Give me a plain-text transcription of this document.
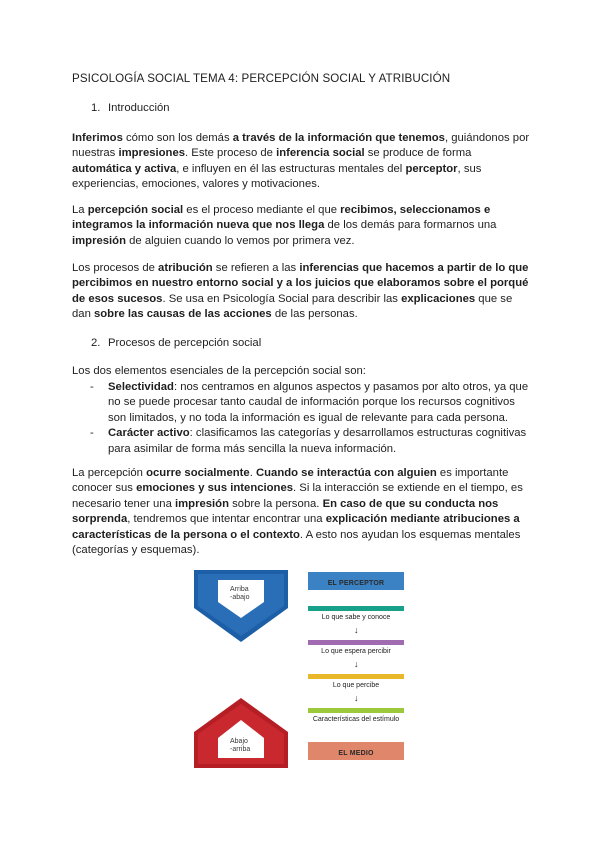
PSICOLOGÍA SOCIAL TEMA 4: PERCEPCIÓN SOCIAL Y ATRIBUCIÓN
1. Introducción
Inferimos cómo son los demás a través de la información que tenemos, guiándonos por nuestras impresiones. Este proceso de inferencia social se produce de forma automática y activa, e influyen en él las estructuras mentales del perceptor, sus experiencias, emociones, valores y motivaciones.
La percepción social es el proceso mediante el que recibimos, seleccionamos e integramos la información nueva que nos llega de los demás para formarnos una impresión de alguien cuando lo vemos por primera vez.
Los procesos de atribución se refieren a las inferencias que hacemos a partir de lo que percibimos en nuestro entorno social y a los juicios que elaboramos sobre el porqué de esos sucesos. Se usa en Psicología Social para describir las explicaciones que se dan sobre las causas de las acciones de las personas.
2. Procesos de percepción social
Los dos elementos esenciales de la percepción social son:
-	Selectividad: nos centramos en algunos aspectos y pasamos por alto otros, ya que no se puede procesar tanto caudal de información porque los recursos cognitivos son limitados, y no toda la información es igual de relevante para cada persona.
-	Carácter activo: clasificamos las categorías y desarrollamos estructuras cognitivas para asimilar de forma más sencilla la nueva información.
La percepción ocurre socialmente. Cuando se interactúa con alguien es importante conocer sus emociones y sus intenciones. Si la interacción se extiende en el tiempo, es necesario tener una impresión sobre la persona. En caso de que su conducta nos sorprenda, tendremos que intentar encontrar una explicación mediante atribuciones a características de la persona o el contexto. A esto nos ayudan los esquemas mentales (categorías y esquemas).
Arriba
-abajo
Abajo
-arriba
EL PERCEPTOR
Lo que sabe y conoce
↓
Lo que espera percibir
↓
Lo que percibe
↓
Características del estímulo
EL MEDIO
